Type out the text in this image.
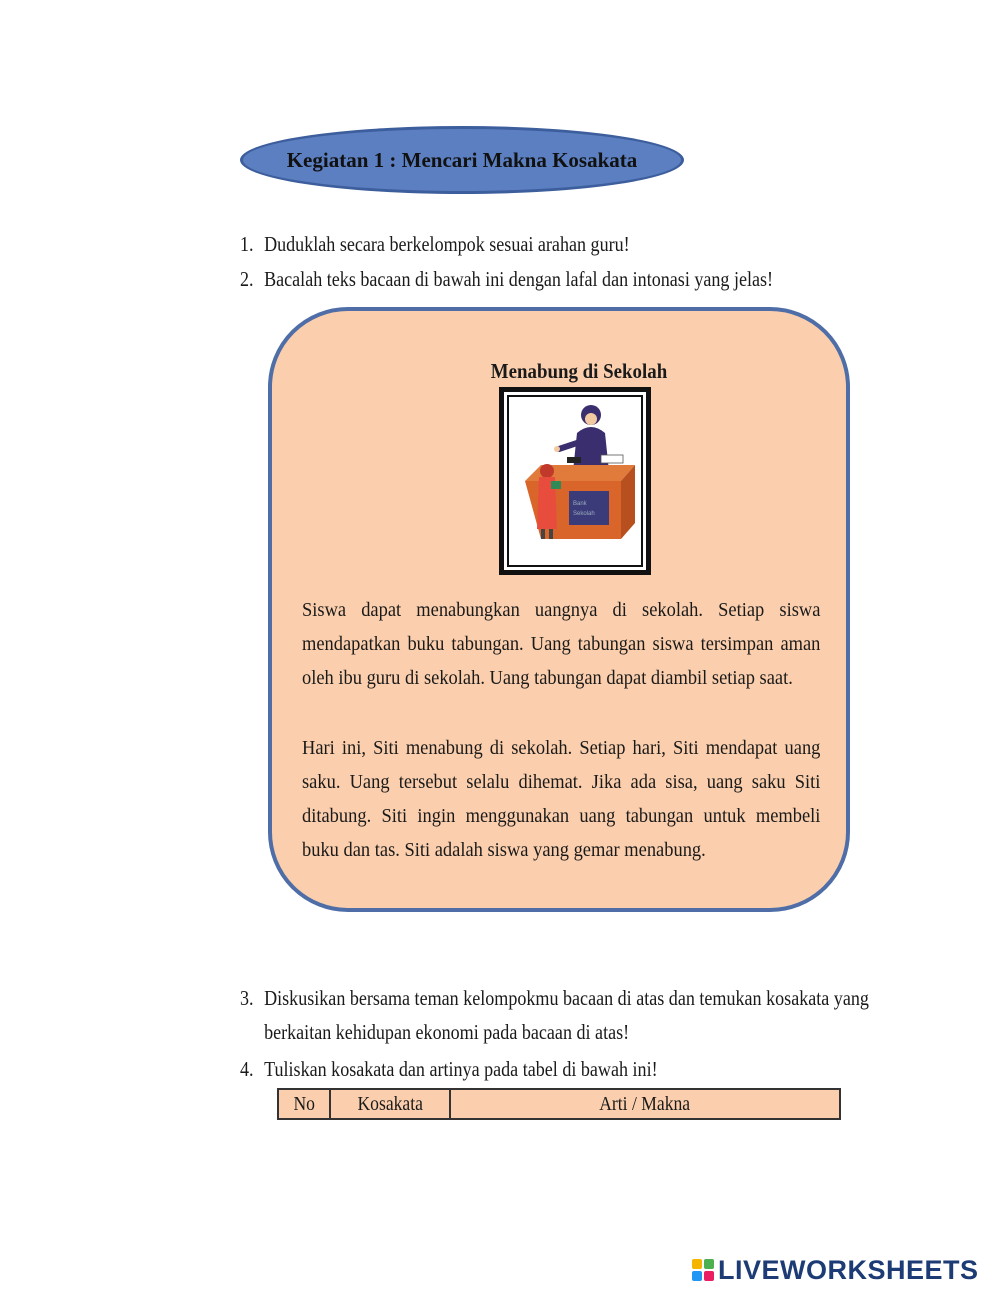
Kegiatan 1 : Mencari Makna Kosakata
1. Duduklah secara berkelompok sesuai arahan guru!
2. Bacalah teks bacaan di bawah ini dengan lafal dan intonasi yang jelas!
Menabung di Sekolah
Bank
Sekolah
Siswa dapat menabungkan uangnya di sekolah. Setiap siswa mendapatkan buku tabungan. Uang tabungan siswa tersimpan aman oleh ibu guru di sekolah. Uang tabungan dapat diambil setiap saat.
Hari ini, Siti menabung di sekolah. Setiap hari, Siti mendapat uang saku. Uang tersebut selalu dihemat. Jika ada sisa, uang saku Siti ditabung. Siti ingin menggunakan uang tabungan untuk membeli buku dan tas. Siti adalah siswa yang gemar menabung.
3. Diskusikan bersama teman kelompokmu bacaan di atas dan temukan kosakata yang
berkaitan kehidupan ekonomi pada bacaan di atas!
4. Tuliskan kosakata dan artinya pada tabel di bawah ini!
No	Kosakata	Arti / Makna
LIVEWORKSHEETS
